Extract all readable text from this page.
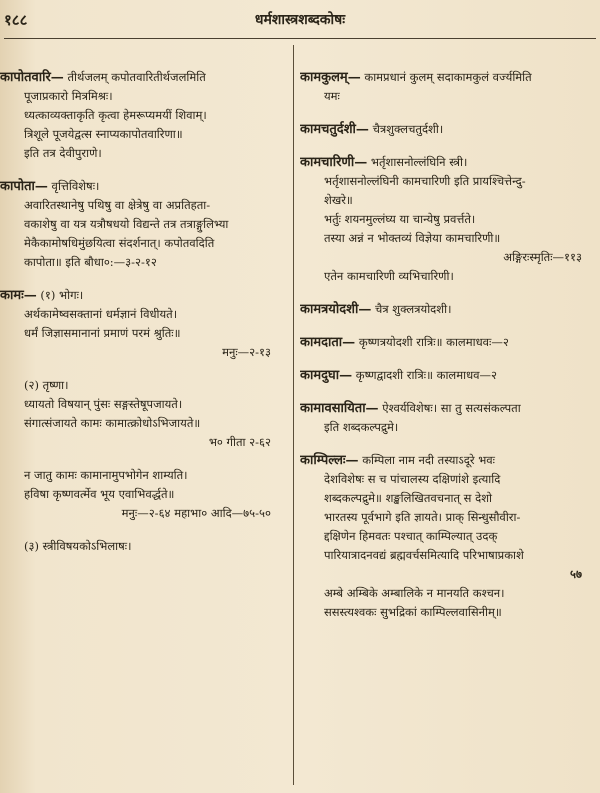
१८८	धर्मशास्त्रशब्दकोषः
कापोतवारि— तीर्थजलम् कपोतवारितीर्थजलमिति
पूजाप्रकारो मित्रमिश्रः।
ध्यत्काव्यक्ताकृति कृत्वा हेमरूप्यमयीं शिवाम्।
त्रिशूले पूजयेद्वत्स स्नाप्यकापोतवारिणा॥
इति तत्र देवीपुराणे।
कापोता— वृत्तिविशेषः।
अवारितस्थानेषु पथिषु वा क्षेत्रेषु वा अप्रतिहता-
वकाशेषु वा यत्र यत्रौषधयो विद्यन्ते तत्र तत्राङ्गुलिभ्या
मेकैकामोषधिमुंछयित्वा संदर्शनात्। कपोतवदिति
कापोता॥ इति बौधा०:—३-२-१२
कामः— (१) भोगः।
अर्थकामेष्वसक्तानां धर्मज्ञानं विधीयते।
धर्मं जिज्ञासमानानां प्रमाणं परमं श्रुतिः॥
मनुः—२-१३
(२) तृष्णा।
ध्यायतो विषयान् पुंसः सङ्गस्तेषूपजायते।
संगात्संजायते कामः कामात्क्रोधोऽभिजायते॥
भ० गीता २-६२
न जातु कामः कामानामुपभोगेन शाम्यति।
हविषा कृष्णवर्त्मेव भूय एवाभिवर्द्धते॥
मनुः—२-६४ महाभा० आदि—७५-५०
(३) स्त्रीविषयकोऽभिलाषः।
कामकुलम्— कामप्रधानं कुलम् सदाकामकुलं वर्ज्यमिति
यमः
कामचतुर्दशी— चैत्रशुक्लचतुर्दशी।
कामचारिणी— भर्तृशासनोल्लंघिनि स्त्री।
भर्तृशासनोल्लंघिनी कामचारिणी इति प्रायश्चित्तेन्दु-
शेखरे॥
भर्तुः शयनमुल्लंघ्य या चान्येषु प्रवर्त्तते।
तस्या अन्नं न भोक्तव्यं विज्ञेया कामचारिणी॥
अङ्गिरःस्मृतिः—११३
एतेन कामचारिणी व्यभिचारिणी।
कामत्रयोदशी— चैत्र शुक्लत्रयोदशी।
कामदाता— कृष्णत्रयोदशी रात्रिः॥ कालमाधवः—२
कामदुघा— कृष्णद्वादशी रात्रिः॥ कालमाधव—२
कामावसायिता— ऐश्वर्यविशेषः। सा तु सत्यसंकल्पता
इति शब्दकल्पद्रुमे।
काम्पिल्लः— कम्पिला नाम नदी तस्याऽदूरे भवः
देशविशेषः स च पांचालस्य दक्षिणांशे इत्यादि
शब्दकल्पद्रुमे॥ शङ्खलिखितवचनात् स देशो
भारतस्य पूर्वभागे इति ज्ञायते। प्राक् सिन्धुसौवीरा-
द्दक्षिणेन हिमवतः पश्चात् काम्पिल्यात् उदक्
पारियात्रादनवद्यं ब्रह्मवर्चसमित्यादि परिभाषाप्रकाशे
५७
अम्बे अम्बिके अम्बालिके न मानयति कश्चन।
ससस्त्यश्वकः सुभद्रिकां काम्पिल्लवासिनीम्॥
